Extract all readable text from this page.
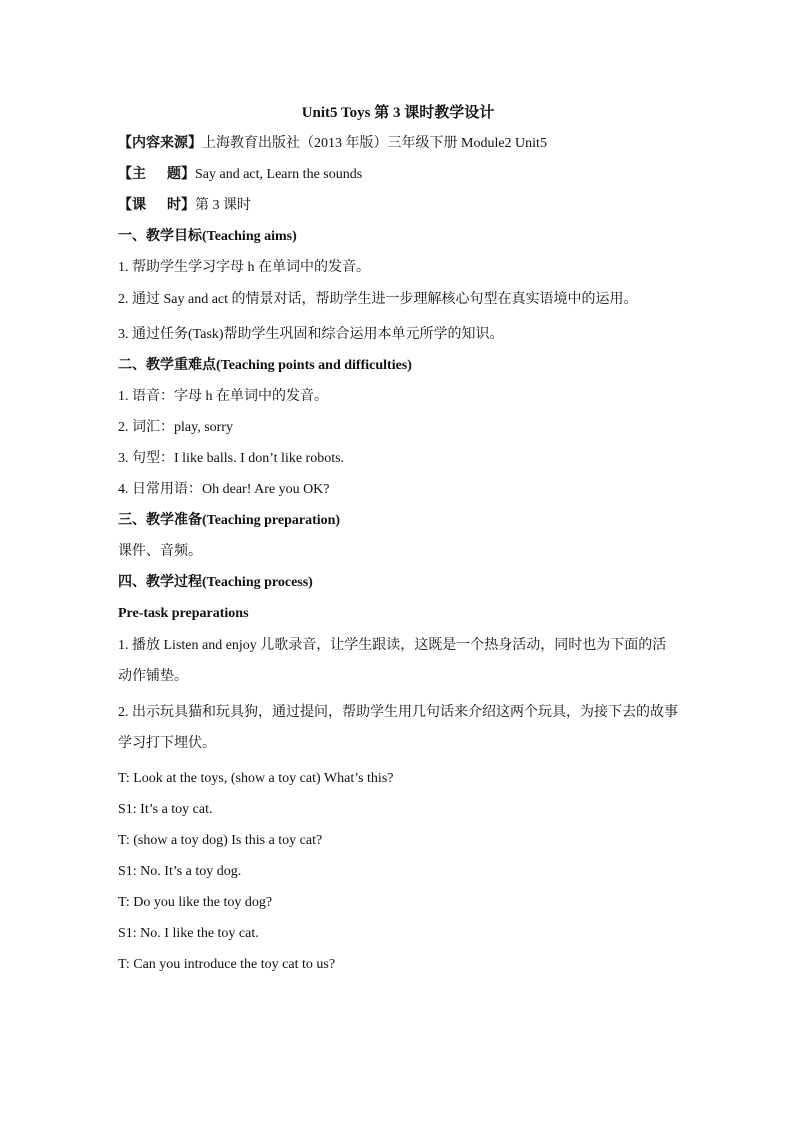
Unit5 Toys 第 3 课时教学设计
【内容来源】上海教育出版社（2013 年版）三年级下册 Module2 Unit5
【主      题】Say and act, Learn the sounds
【课      时】第 3 课时
一、教学目标(Teaching aims)
1. 帮助学生学习字母 h 在单词中的发音。
2. 通过 Say and act 的情景对话，帮助学生进一步理解核心句型在真实语境中的运用。
3. 通过任务(Task)帮助学生巩固和综合运用本单元所学的知识。
二、教学重难点(Teaching points and difficulties)
1. 语音：字母 h 在单词中的发音。
2. 词汇：play, sorry
3. 句型：I like balls. I don’t like robots.
4. 日常用语：Oh dear! Are you OK?
三、教学准备(Teaching preparation)
课件、音频。
四、教学过程(Teaching process)
Pre-task preparations
1. 播放 Listen and enjoy 儿歌录音，让学生跟读，这既是一个热身活动，同时也为下面的活动作铺垫。
2. 出示玩具猫和玩具狗，通过提问，帮助学生用几句话来介绍这两个玩具，为接下去的故事学习打下埋伏。
T: Look at the toys, (show a toy cat) What’s this?
S1: It’s a toy cat.
T: (show a toy dog) Is this a toy cat?
S1: No. It’s a toy dog.
T: Do you like the toy dog?
S1: No. I like the toy cat.
T: Can you introduce the toy cat to us?
